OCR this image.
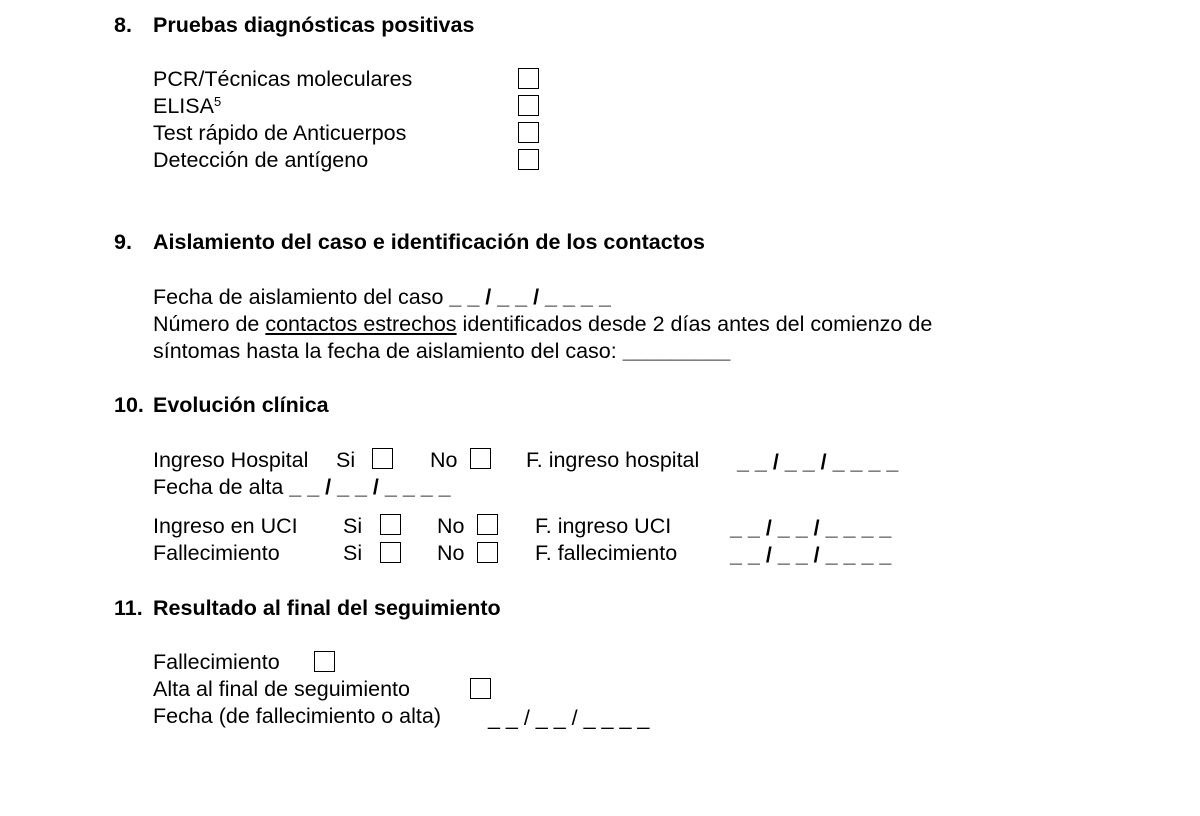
8. Pruebas diagnósticas positivas
PCR/Técnicas moleculares
ELISA$^5$
Test rápido de Anticuerpos
Detección de antígeno
9. Aislamiento del caso e identificación de los contactos
Fecha de aislamiento del caso _ _ / _ _ / _ _ _ _
Número de contactos estrechos identificados desde 2 días antes del comienzo de
síntomas hasta la fecha de aislamiento del caso: _________
10. Evolución clínica
Ingreso Hospital Si	No	F. ingreso hospital _ _ / _ _ / _ _ _ _
Fecha de alta _ _ / _ _ / _ _ _ _
Ingreso en UCI Si	No	F. ingreso UCI	_ _ / _ _ / _ _ _ _
Fallecimiento	Si	No	F. fallecimiento _ _ / _ _ / _ _ _ _
11. Resultado al final del seguimiento
Fallecimiento
Alta al final de seguimiento
Fecha (de fallecimiento o alta) _ _ / _ _ / _ _ _ _
